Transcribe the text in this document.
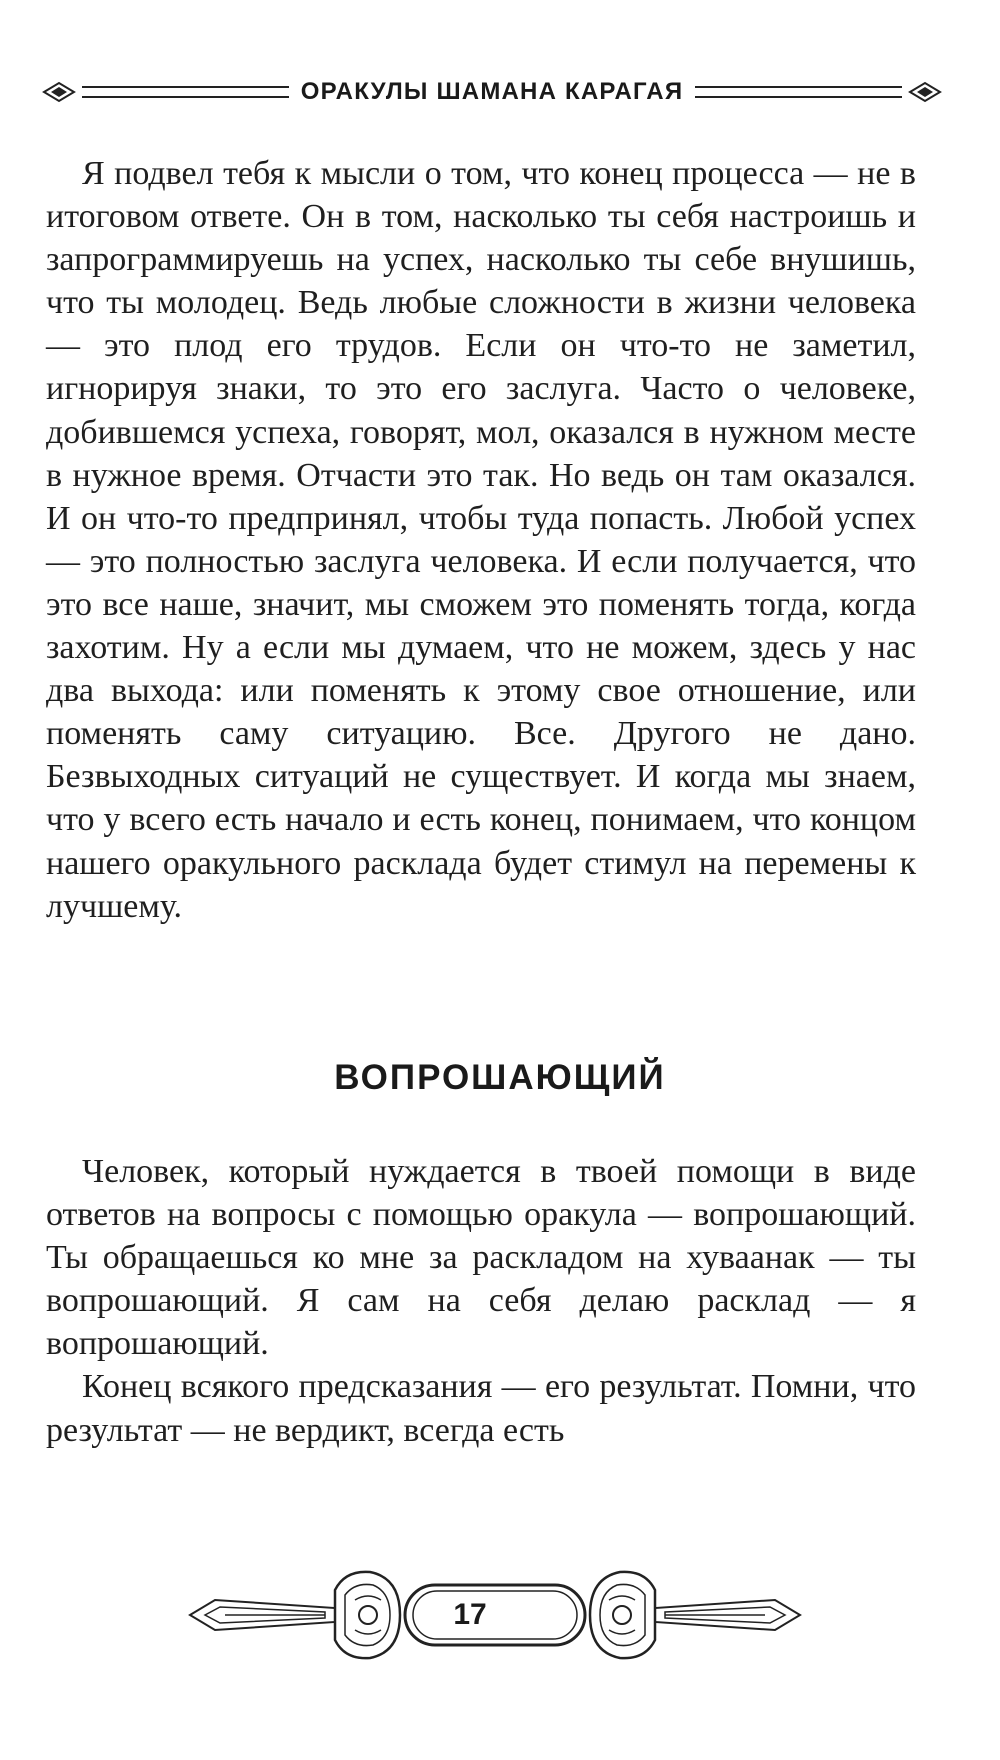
ОРАКУЛЫ ШАМАНА КАРАГАЯ

Я подвел тебя к мысли о том, что конец процесса — не в итоговом ответе. Он в том, насколько ты себя настроишь и запрограммируешь на успех, насколько ты себе внушишь, что ты молодец. Ведь любые сложности в жизни человека — это плод его трудов. Если он что-то не заметил, игнорируя знаки, то это его заслуга. Часто о человеке, добившемся успеха, говорят, мол, оказался в нужном месте в нужное время. Отчасти это так. Но ведь он там оказался. И он что-то предпринял, чтобы туда попасть. Любой успех — это полностью заслуга человека. И если получается, что это все наше, значит, мы сможем это поменять тогда, когда захотим. Ну а если мы думаем, что не можем, здесь у нас два выхода: или поменять к этому свое отношение, или поменять саму ситуацию. Все. Другого не дано. Безвыходных ситуаций не существует. И когда мы знаем, что у всего есть начало и есть конец, понимаем, что концом нашего оракульного расклада будет стимул на перемены к лучшему.

ВОПРОШАЮЩИЙ

Человек, который нуждается в твоей помощи в виде ответов на вопросы с помощью оракула — вопрошающий. Ты обращаешься ко мне за раскладом на хуваанак — ты вопрошающий. Я сам на себя делаю расклад — я вопрошающий.

Конец всякого предсказания — его результат. Помни, что результат — не вердикт, всегда есть

17
